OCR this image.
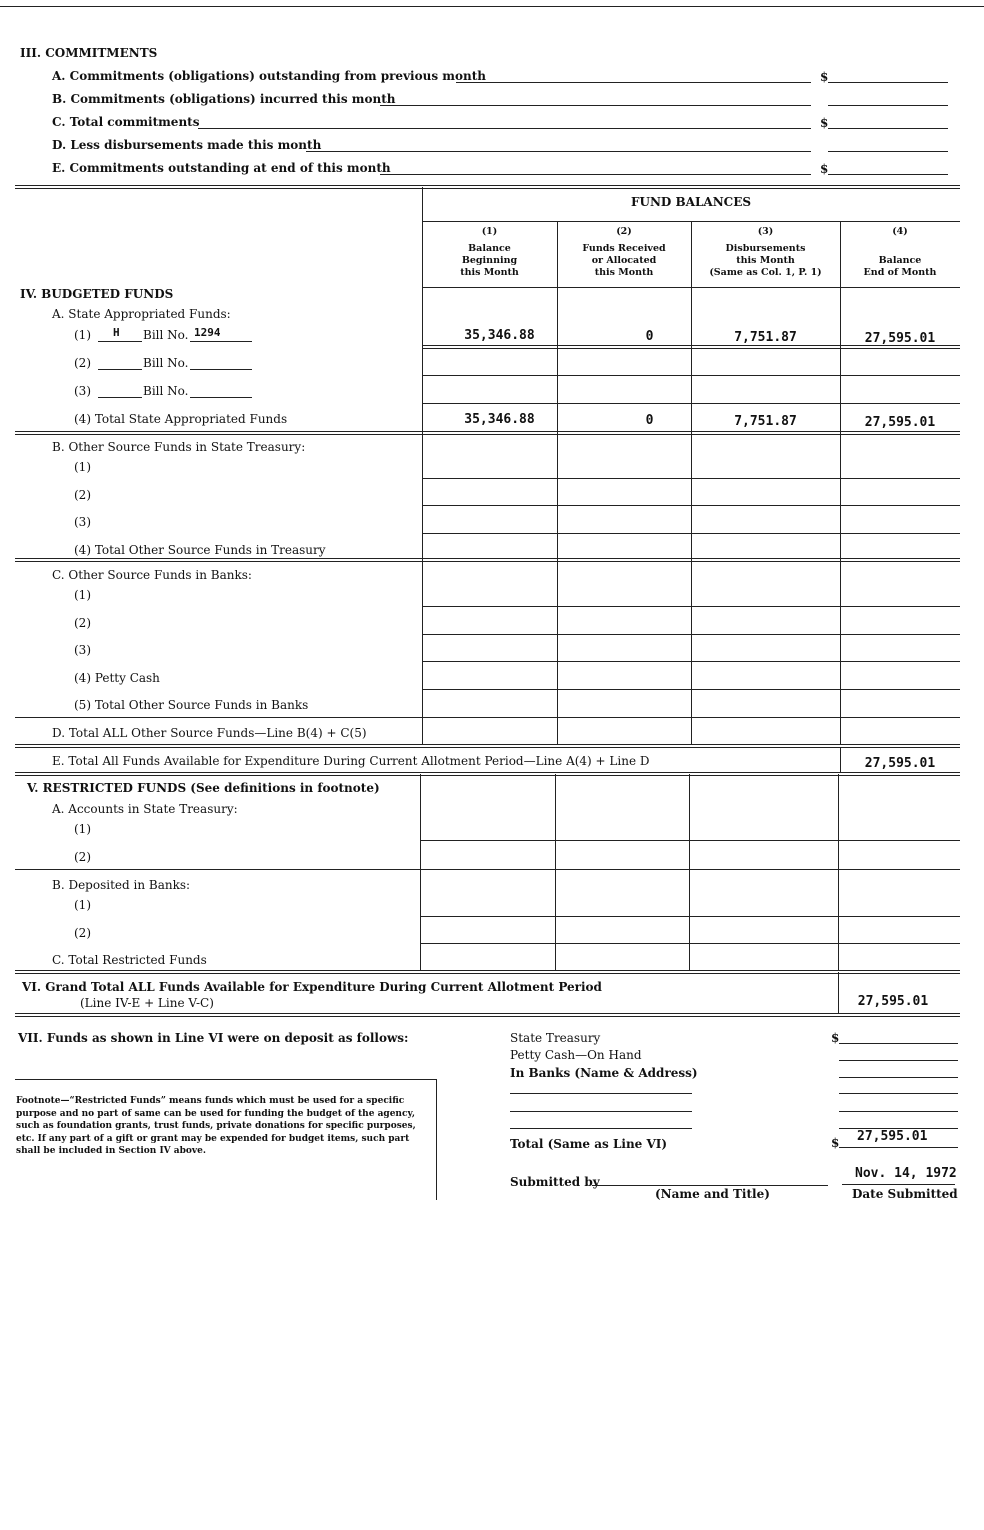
III. COMMITMENTS
A. Commitments (obligations) outstanding from previous month	$
B. Commitments (obligations) incurred this month
C. Total commitments	$
D. Less disbursements made this month
E. Commitments outstanding at end of this month	$
FUND BALANCES
(1)
Balance
Beginning
this Month
(2)
Funds Received
or Allocated
this Month
(3)
Disbursements
this Month
(Same as Col. 1, P. 1)
(4)
Balance
End of Month
IV. BUDGETED FUNDS
A. State Appropriated Funds:
(1) H Bill No. 1294	35,346.88	0	7,751.87	27,595.01
(2)	Bill No.
(3)	Bill No.
(4) Total State Appropriated Funds	35,346.88	0	7,751.87	27,595.01
B. Other Source Funds in State Treasury:
(1)
(2)
(3)
(4) Total Other Source Funds in Treasury
C. Other Source Funds in Banks:
(1)
(2)
(3)
(4) Petty Cash
(5) Total Other Source Funds in Banks
D. Total ALL Other Source Funds—Line B(4) + C(5)
E. Total All Funds Available for Expenditure During Current Allotment Period—Line A(4) + Line D	27,595.01
V. RESTRICTED FUNDS (See definitions in footnote)
A. Accounts in State Treasury:
(1)
(2)
B. Deposited in Banks:
(1)
(2)
C. Total Restricted Funds
VI. Grand Total ALL Funds Available for Expenditure During Current Allotment Period
(Line IV-E + Line V-C)	27,595.01
VII. Funds as shown in Line VI were on deposit as follows:	State Treasury	$
Petty Cash—On Hand
In Banks (Name & Address)
Total (Same as Line VI)	$ 27,595.01
Footnote—“Restricted Funds” means funds which must be used for a specific purpose and no part of same can be used for funding the budget of the agency, such as foundation grants, trust funds, private donations for specific purposes, etc. If any part of a gift or grant may be expended for budget items, such part shall be included in Section IV above.
Submitted by
(Name and Title)
Nov. 14, 1972
Date Submitted
